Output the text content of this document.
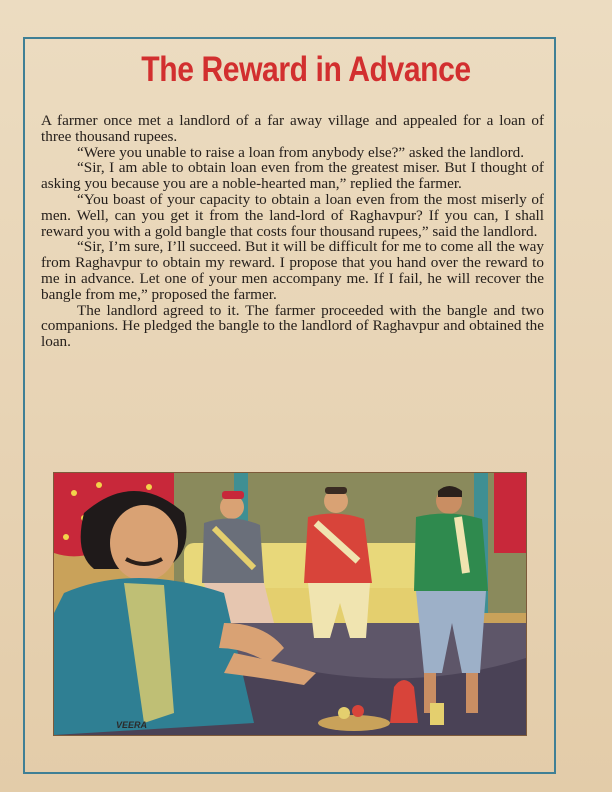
The Reward in Advance

A farmer once met a landlord of a far away village and appealed for a loan of three thousand rupees.

“Were you unable to raise a loan from anybody else?” asked the landlord.

“Sir, I am able to obtain loan even from the greatest miser. But I thought of asking you because you are a noble-hearted man,” replied the farmer.

“You boast of your capacity to obtain a loan even from the most miserly of men. Well, can you get it from the land-lord of Raghavpur? If you can, I shall reward you with a gold bangle that costs four thousand rupees,” said the landlord.

“Sir, I’m sure, I’ll succeed. But it will be difficult for me to come all the way from Raghavpur to obtain my reward. I propose that you hand over the reward to me in advance. Let one of your men accompany me. If I fail, he will recover the bangle from me,” proposed the farmer.

The landlord agreed to it. The farmer proceeded with the bangle and two companions. He pledged the bangle to the landlord of Raghavpur and obtained the loan.

VEERA
